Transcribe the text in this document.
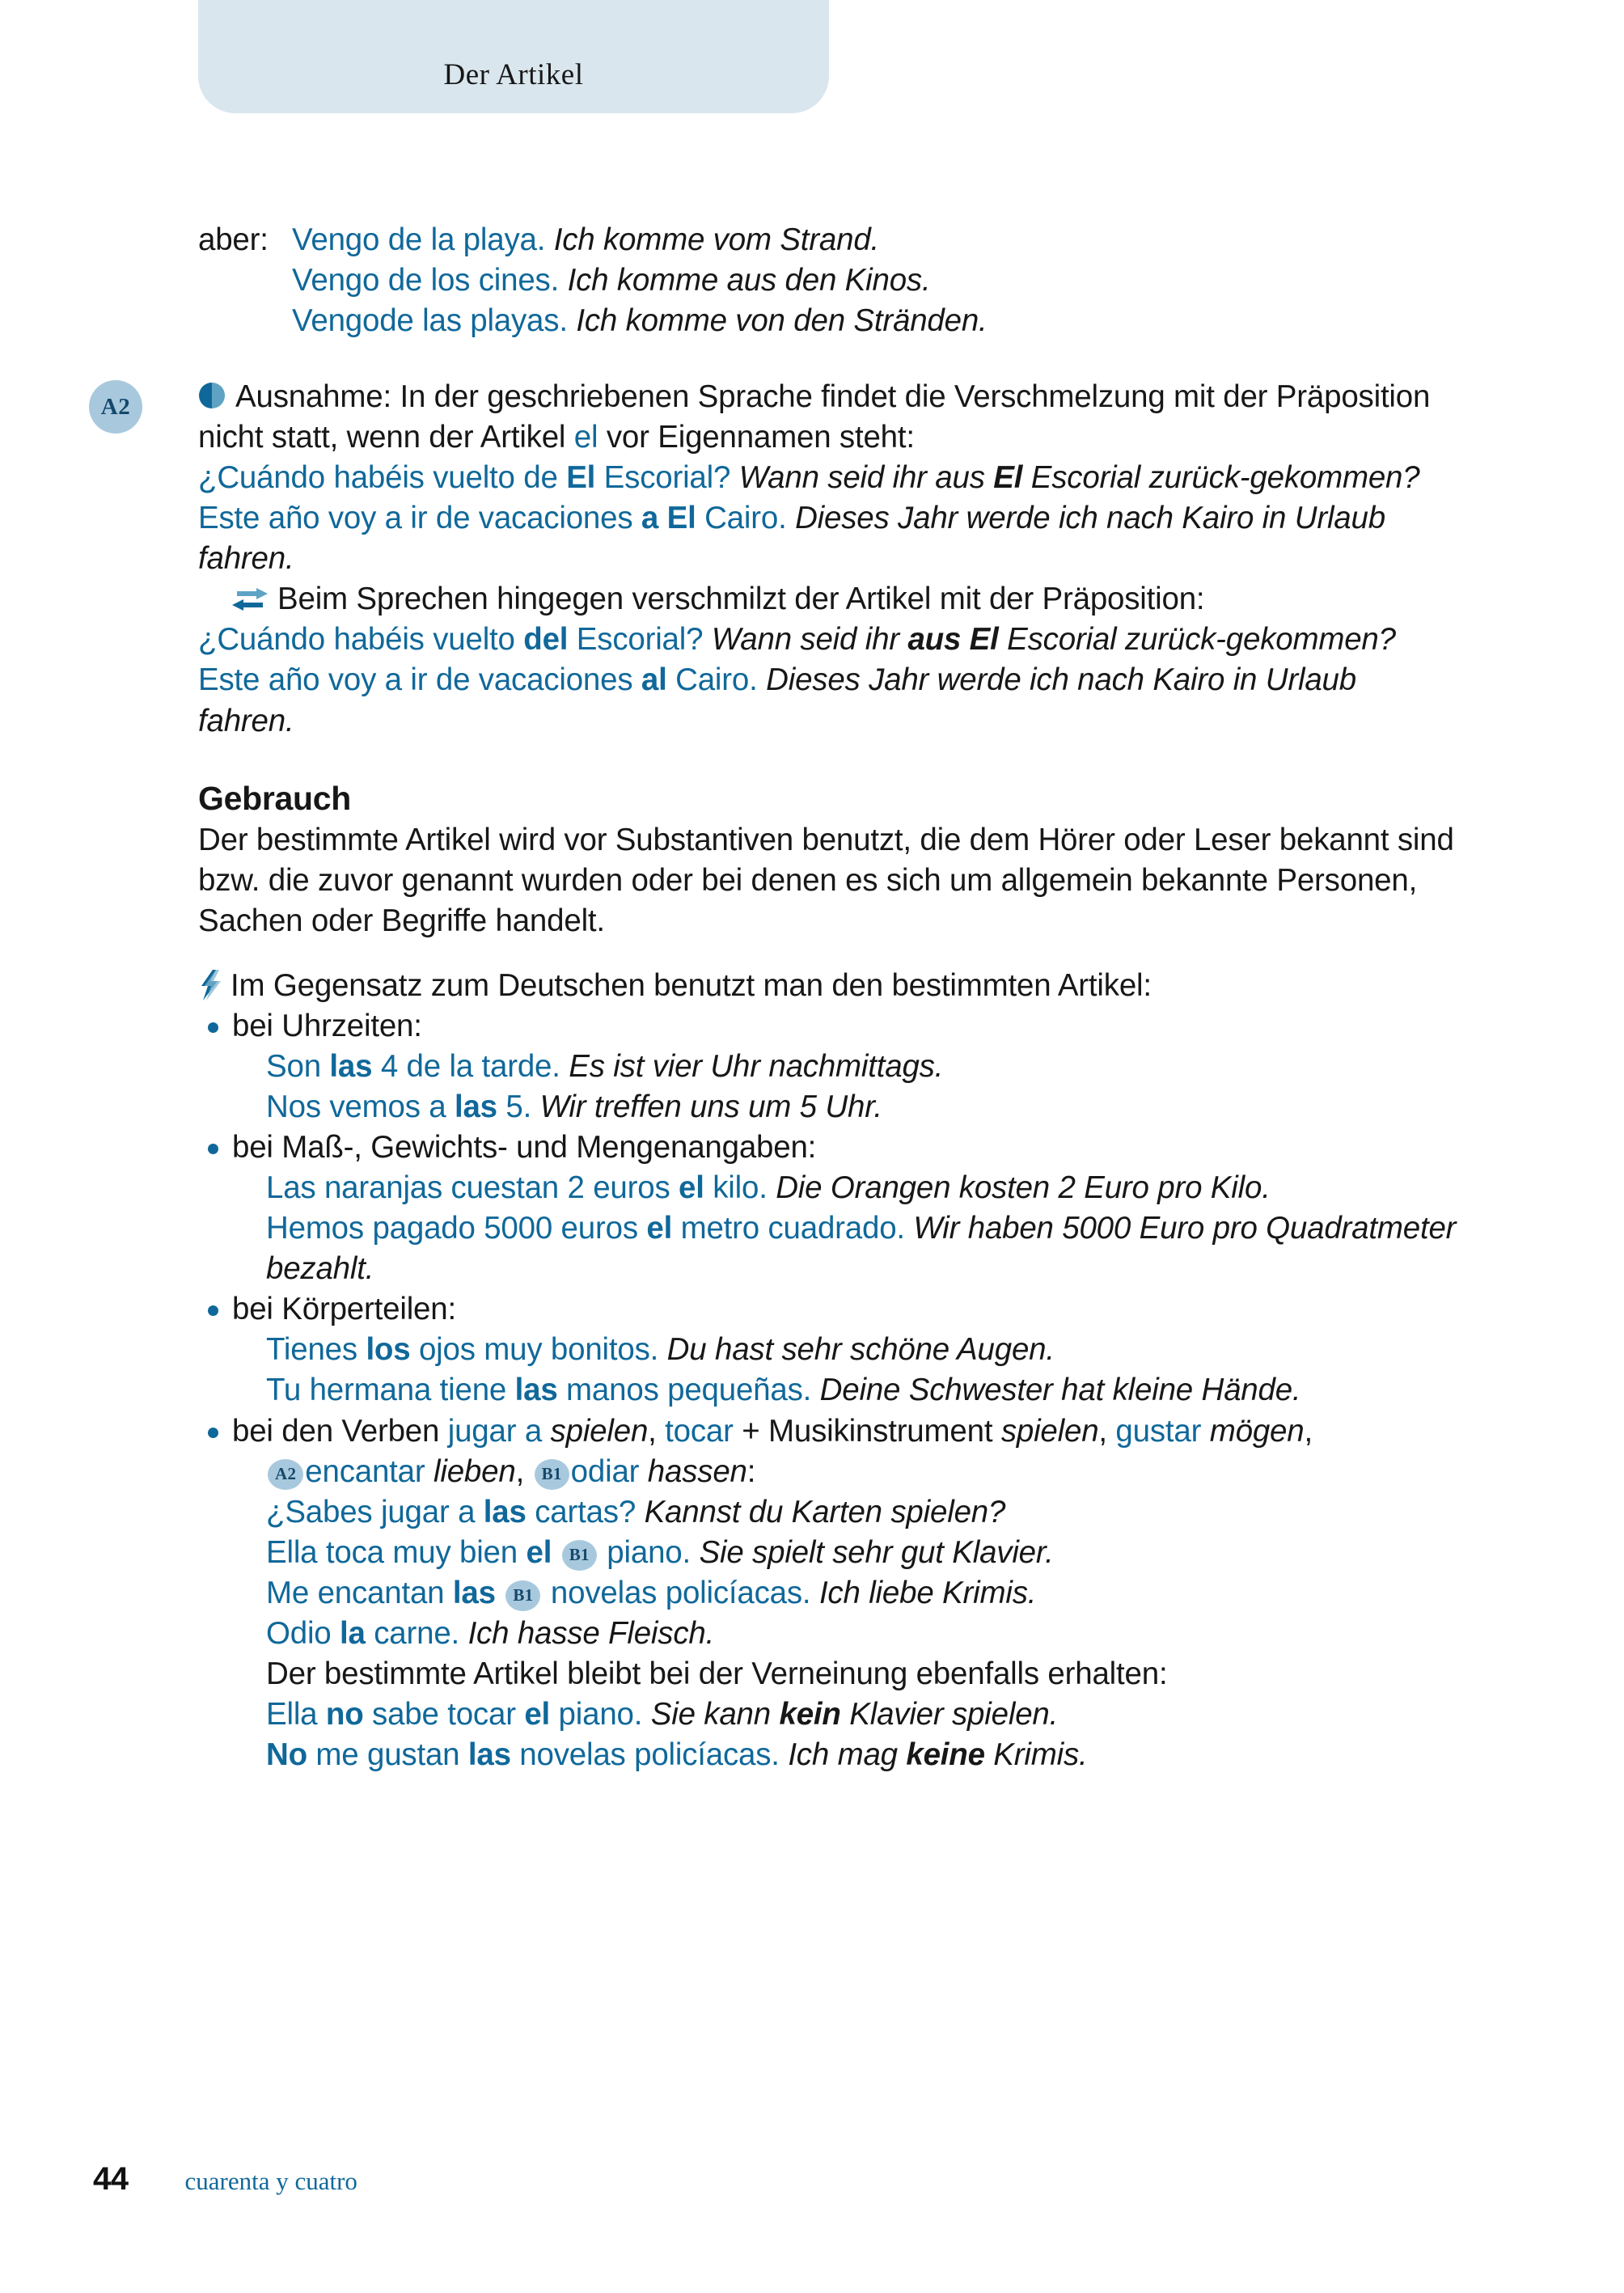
Der Artikel
A2
aber: Vengo de la playa. Ich komme vom Strand.
Vengo de los cines. Ich komme aus den Kinos.
Vengode las playas. Ich komme von den Stränden.
Ausnahme: In der geschriebenen Sprache findet die Verschmelzung mit der Präposition nicht statt, wenn der Artikel el vor Eigennamen steht:
¿Cuándo habéis vuelto de El Escorial? Wann seid ihr aus El Escorial zurück-gekommen?
Este año voy a ir de vacaciones a El Cairo. Dieses Jahr werde ich nach Kairo in Urlaub fahren.
Beim Sprechen hingegen verschmilzt der Artikel mit der Präposition:
¿Cuándo habéis vuelto del Escorial? Wann seid ihr aus El Escorial zurück-gekommen?
Este año voy a ir de vacaciones al Cairo. Dieses Jahr werde ich nach Kairo in Urlaub fahren.
Gebrauch
Der bestimmte Artikel wird vor Substantiven benutzt, die dem Hörer oder Leser bekannt sind bzw. die zuvor genannt wurden oder bei denen es sich um allgemein bekannte Personen, Sachen oder Begriffe handelt.
Im Gegensatz zum Deutschen benutzt man den bestimmten Artikel:
bei Uhrzeiten:
Son las 4 de la tarde. Es ist vier Uhr nachmittags.
Nos vemos a las 5. Wir treffen uns um 5 Uhr.
bei Maß-, Gewichts- und Mengenangaben:
Las naranjas cuestan 2 euros el kilo. Die Orangen kosten 2 Euro pro Kilo.
Hemos pagado 5000 euros el metro cuadrado. Wir haben 5000 Euro pro Quadratmeter bezahlt.
bei Körperteilen:
Tienes los ojos muy bonitos. Du hast sehr schöne Augen.
Tu hermana tiene las manos pequeñas. Deine Schwester hat kleine Hände.
bei den Verben jugar a spielen, tocar + Musikinstrument spielen, gustar mögen,
A2 encantar lieben, B1 odiar hassen:
¿Sabes jugar a las cartas? Kannst du Karten spielen?
Ella toca muy bien el B1 piano. Sie spielt sehr gut Klavier.
Me encantan las B1 novelas policíacas. Ich liebe Krimis.
Odio la carne. Ich hasse Fleisch.
Der bestimmte Artikel bleibt bei der Verneinung ebenfalls erhalten:
Ella no sabe tocar el piano. Sie kann kein Klavier spielen.
No me gustan las novelas policíacas. Ich mag keine Krimis.
44 cuarenta y cuatro
